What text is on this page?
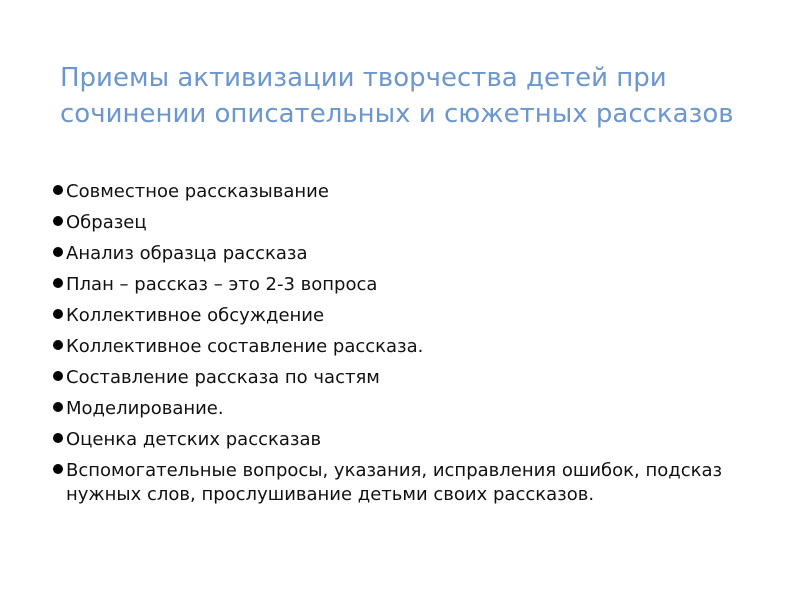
Приемы активизации творчества детей при сочинении описательных и сюжетных рассказов
Совместное рассказывание
Образец
Анализ образца рассказа
План – рассказ – это 2-3 вопроса
Коллективное обсуждение
Коллективное составление рассказа.
Составление рассказа по частям
Моделирование.
Оценка детских рассказав
Вспомогательные вопросы, указания, исправления ошибок, подсказ нужных слов, прослушивание детьми своих рассказов.
